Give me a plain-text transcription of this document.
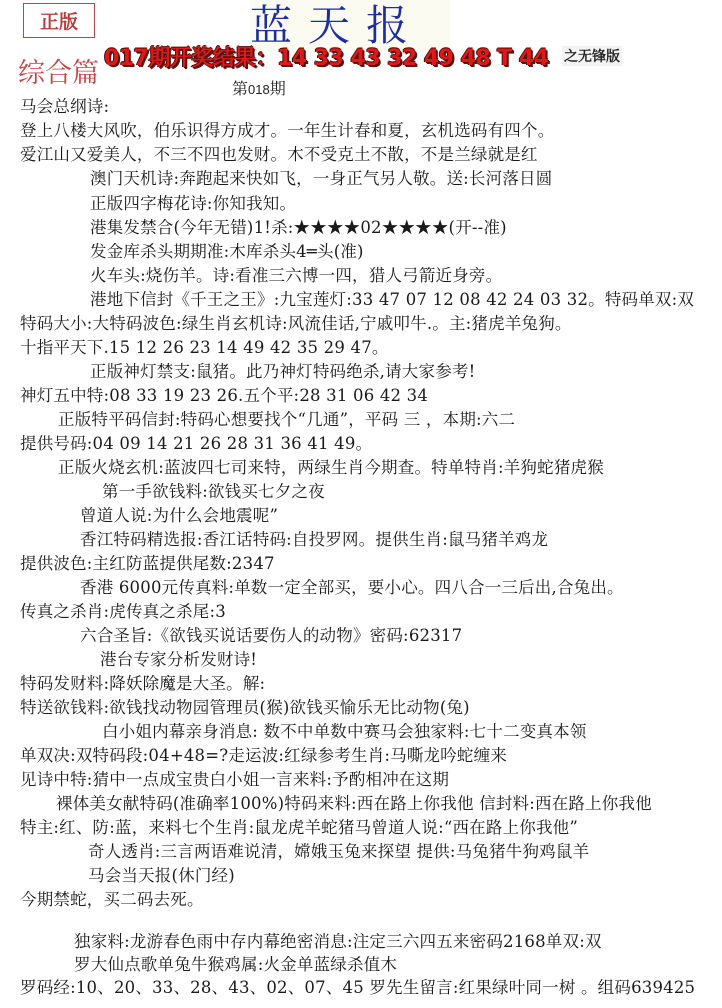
正版	蓝天报
综合篇 017期开奖结果：14 33 43 32 49 48 T 44 之无锋版
第018期
马会总纲诗:
登上八楼大风吹，伯乐识得方成才。一年生计春和夏，玄机选码有四个。
爱江山又爱美人，不三不四也发财。木不受克土不散，不是兰绿就是红
澳门天机诗:奔跑起来快如飞，一身正气另人敬。送:长河落日圆
正版四字梅花诗:你知我知。
港集发禁合(今年无错)1!杀:★★★★02★★★★(开--准)
发金库杀头期期准:木库杀头4═头(准)
火车头:烧伤羊。诗:看准三六博一四，猎人弓箭近身旁。
港地下信封《千王之王》:九宝莲灯:33 47 07 12 08 42 24 03 32。特码单双:双
特码大小:大特码波色:绿生肖玄机诗:风流佳话,宁戚叩牛.。主:猪虎羊兔狗。
十指平天下.15 12 26 23 14 49 42 35 29 47。
正版神灯禁支:鼠猪。此乃神灯特码绝杀,请大家参考!
神灯五中特:08 33 19 23 26.五个平:28 31 06 42 34
正版特平码信封:特码心想要找个“几通”，平码 三 ，本期:六二
提供号码:04 09 14 21 26 28 31 36 41 49。
正版火烧玄机:蓝波四七司来特，两绿生肖今期查。特单特肖:羊狗蛇猪虎猴
第一手欲钱料:欲钱买七夕之夜
曾道人说:为什么会地震呢”
香江特码精选报:香江话特码:自投罗网。提供生肖:鼠马猪羊鸡龙
提供波色:主红防蓝提供尾数:2347
香港 6000元传真料:单数一定全部买，要小心。四八合一三后出,合兔出。
传真之杀肖:虎传真之杀尾:3
六合圣旨:《欲钱买说话要伤人的动物》密码:62317
港台专家分析发财诗!
特码发财料:降妖除魔是大圣。解:
特送欲钱料:欲钱找动物园管理员(猴)欲钱买愉乐无比动物(兔)
白小姐内幕亲身消息: 数不中单数中赛马会独家料:七十二变真本领
单双决:双特码段:04+48=?走运波:红绿参考生肖:马嘶龙吟蛇缠来
见诗中特:猜中一点成宝贵白小姐一言来料:予酌相冲在这期
裸体美女献特码(准确率100%)特码来料:西在路上你我他 信封料:西在路上你我他
特主:红、防:蓝，来料七个生肖:鼠龙虎羊蛇猪马曾道人说:“西在路上你我他”
奇人透肖:三言两语难说清，嫦娥玉兔来探望 提供:马兔猪牛狗鸡鼠羊
马会当天报(休门经)
今期禁蛇，买二码去死。
独家料:龙游春色雨中存内幕绝密消息:注定三六四五来密码2168单双:双
罗大仙点歌单兔牛猴鸡属:火金单蓝绿杀值木
罗码经:10、20、33、28、43、02、07、45 罗先生留言:红果绿叶同一树 。组码639425
